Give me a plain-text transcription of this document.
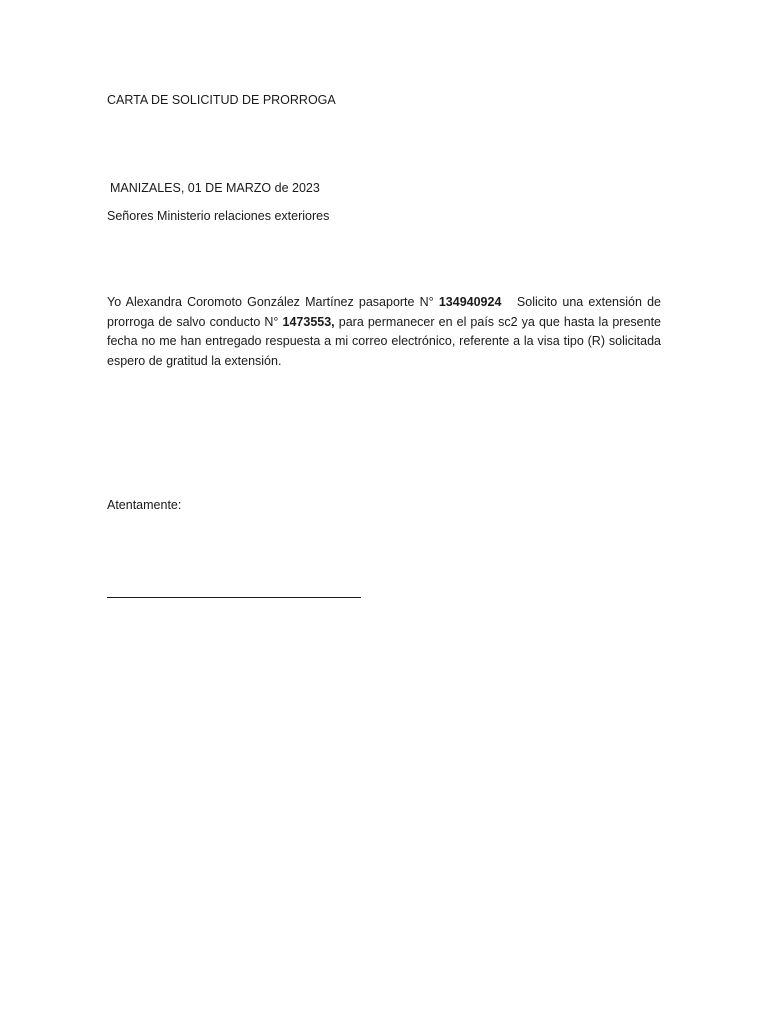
CARTA DE SOLICITUD DE PRORROGA
MANIZALES, 01 DE MARZO de 2023
Señores Ministerio relaciones exteriores
Yo Alexandra Coromoto González Martínez pasaporte N° 134940924 Solicito una extensión de
prorroga de salvo conducto N° 1473553, para permanecer en el país sc2 ya que hasta la presente
fecha no me han entregado respuesta a mi correo electrónico, referente a la visa tipo (R) solicitada
espero de gratitud la extensión.
Atentamente:
